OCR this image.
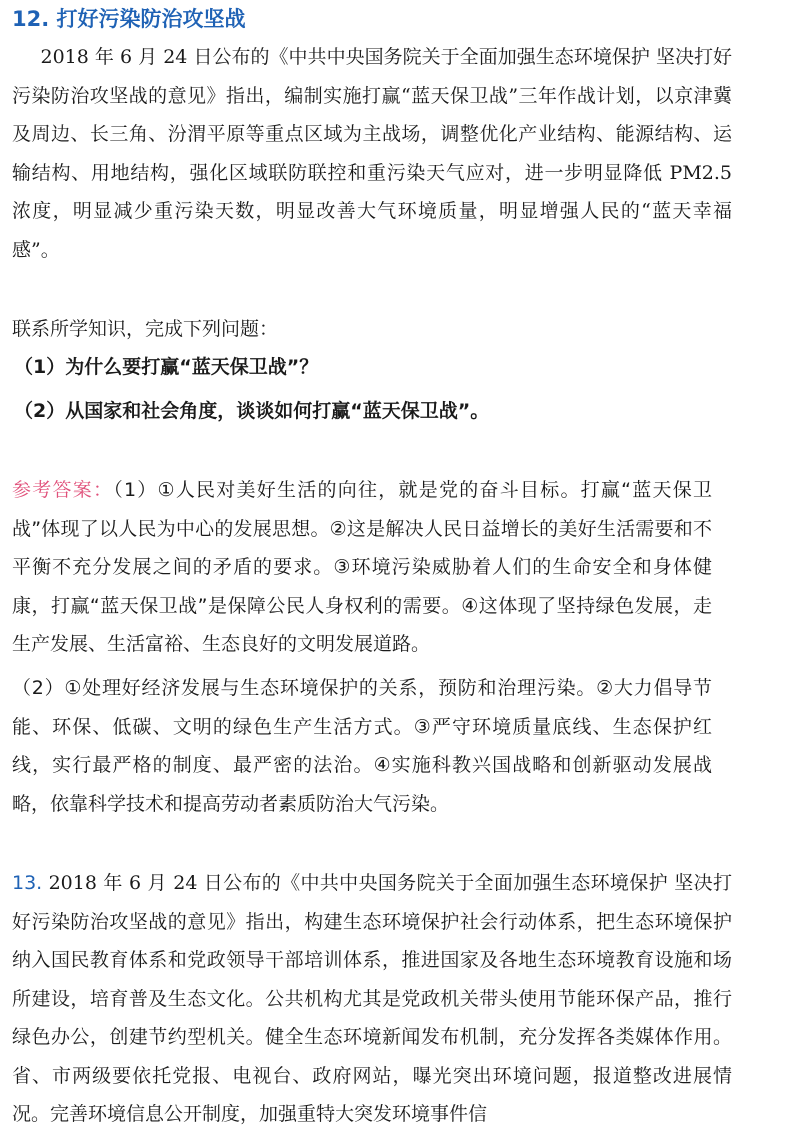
12. 打好污染防治攻坚战
2018 年 6 月 24 日公布的《中共中央国务院关于全面加强生态环境保护 坚决打好污染防治攻坚战的意见》指出，编制实施打赢“蓝天保卫战”三年作战计划，以京津冀及周边、长三角、汾渭平原等重点区域为主战场，调整优化产业结构、能源结构、运输结构、用地结构，强化区域联防联控和重污染天气应对，进一步明显降低 PM2.5 浓度，明显减少重污染天数，明显改善大气环境质量，明显增强人民的“蓝天幸福感”。
联系所学知识，完成下列问题：
（1）为什么要打赢“蓝天保卫战”？
（2）从国家和社会角度，谈谈如何打赢“蓝天保卫战”。
参考答案：（1）①人民对美好生活的向往，就是党的奋斗目标。打赢“蓝天保卫战”体现了以人民为中心的发展思想。②这是解决人民日益增长的美好生活需要和不平衡不充分发展之间的矛盾的要求。③环境污染威胁着人们的生命安全和身体健康，打赢“蓝天保卫战”是保障公民人身权利的需要。④这体现了坚持绿色发展，走生产发展、生活富裕、生态良好的文明发展道路。
（2）①处理好经济发展与生态环境保护的关系，预防和治理污染。②大力倡导节能、环保、低碳、文明的绿色生产生活方式。③严守环境质量底线、生态保护红线，实行最严格的制度、最严密的法治。④实施科教兴国战略和创新驱动发展战略，依靠科学技术和提高劳动者素质防治大气污染。
13. 2018 年 6 月 24 日公布的《中共中央国务院关于全面加强生态环境保护 坚决打好污染防治攻坚战的意见》指出，构建生态环境保护社会行动体系，把生态环境保护纳入国民教育体系和党政领导干部培训体系，推进国家及各地生态环境教育设施和场所建设，培育普及生态文化。公共机构尤其是党政机关带头使用节能环保产品，推行绿色办公，创建节约型机关。健全生态环境新闻发布机制，充分发挥各类媒体作用。省、市两级要依托党报、电视台、政府网站，曝光突出环境问题，报道整改进展情况。完善环境信息公开制度，加强重特大突发环境事件信
